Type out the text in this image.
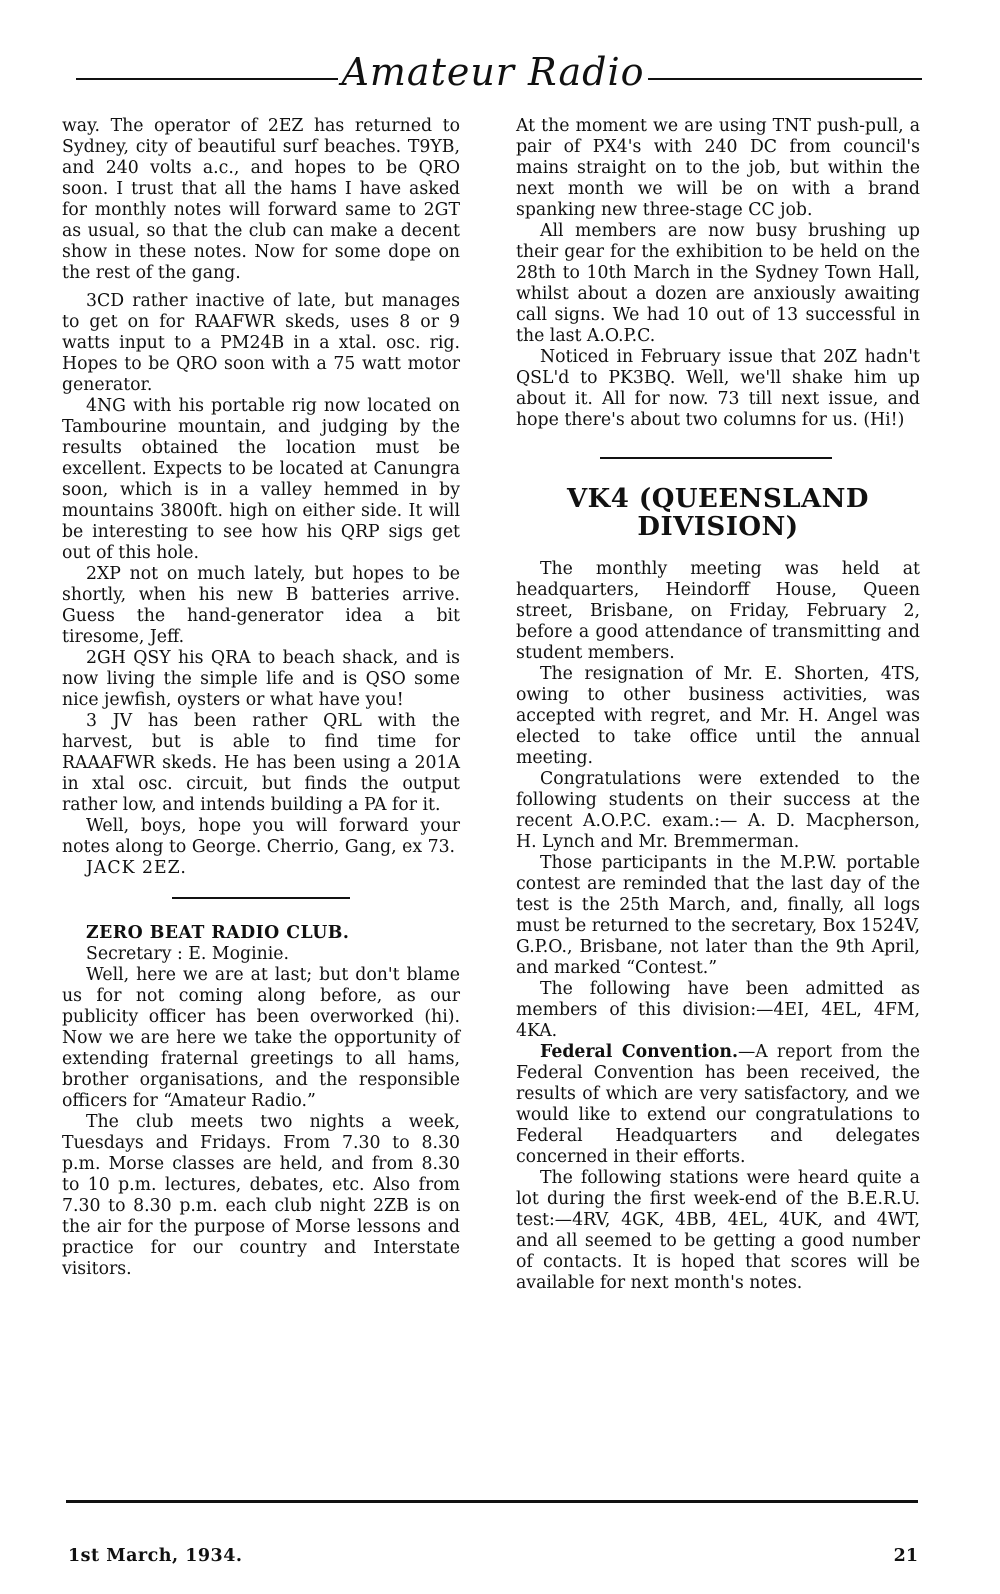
Amateur Radio

way. The operator of 2EZ has returned to Sydney, city of beautiful surf beaches. T9YB, and 240 volts a.c., and hopes to be QRO soon. I trust that all the hams I have asked for monthly notes will forward same to 2GT as usual, so that the club can make a decent show in these notes. Now for some dope on the rest of the gang.

3CD rather inactive of late, but manages to get on for RAAFWR skeds, uses 8 or 9 watts input to a PM24B in a xtal. osc. rig. Hopes to be QRO soon with a 75 watt motor generator.

4NG with his portable rig now located on Tambourine mountain, and judging by the results obtained the location must be excellent. Expects to be located at Canungra soon, which is in a valley hemmed in by mountains 3800ft. high on either side. It will be interesting to see how his QRP sigs get out of this hole.

2XP not on much lately, but hopes to be shortly, when his new B batteries arrive. Guess the hand-generator idea a bit tiresome, Jeff.

2GH QSY his QRA to beach shack, and is now living the simple life and is QSO some nice jewfish, oysters or what have you!

3 JV has been rather QRL with the harvest, but is able to find time for RAAAFWR skeds. He has been using a 201A in xtal osc. circuit, but finds the output rather low, and intends building a PA for it.

Well, boys, hope you will forward your notes along to George. Cherrio, Gang, ex 73.

JACK 2EZ.

ZERO BEAT RADIO CLUB.

Secretary : E. Moginie.

Well, here we are at last; but don't blame us for not coming along before, as our publicity officer has been overworked (hi). Now we are here we take the opportunity of extending fraternal greetings to all hams, brother organisations, and the responsible officers for “Amateur Radio.”

The club meets two nights a week, Tuesdays and Fridays. From 7.30 to 8.30 p.m. Morse classes are held, and from 8.30 to 10 p.m. lectures, debates, etc. Also from 7.30 to 8.30 p.m. each club night 2ZB is on the air for the purpose of Morse lessons and practice for our country and Interstate visitors.

At the moment we are using TNT push-pull, a pair of PX4's with 240 DC from council's mains straight on to the job, but within the next month we will be on with a brand spanking new three-stage CC job.

All members are now busy brushing up their gear for the exhibition to be held on the 28th to 10th March in the Sydney Town Hall, whilst about a dozen are anxiously awaiting call signs. We had 10 out of 13 successful in the last A.O.P.C.

Noticed in February issue that 20Z hadn't QSL'd to PK3BQ. Well, we'll shake him up about it. All for now. 73 till next issue, and hope there's about two columns for us. (Hi!)

VK4 (QUEENSLAND DIVISION)

The monthly meeting was held at headquarters, Heindorff House, Queen street, Brisbane, on Friday, February 2, before a good attendance of transmitting and student members.

The resignation of Mr. E. Shorten, 4TS, owing to other business activities, was accepted with regret, and Mr. H. Angel was elected to take office until the annual meeting.

Congratulations were extended to the following students on their success at the recent A.O.P.C. exam.:— A. D. Macpherson, H. Lynch and Mr. Bremmerman.

Those participants in the M.P.W. portable contest are reminded that the last day of the test is the 25th March, and, finally, all logs must be returned to the secretary, Box 1524V, G.P.O., Brisbane, not later than the 9th April, and marked “Contest.”

The following have been admitted as members of this division:—4EI, 4EL, 4FM, 4KA.

Federal Convention.—A report from the Federal Convention has been received, the results of which are very satisfactory, and we would like to extend our congratulations to Federal Headquarters and delegates concerned in their efforts.

The following stations were heard quite a lot during the first week-end of the B.E.R.U. test:—4RV, 4GK, 4BB, 4EL, 4UK, and 4WT, and all seemed to be getting a good number of contacts. It is hoped that scores will be available for next month's notes.

1st March, 1934.	21
